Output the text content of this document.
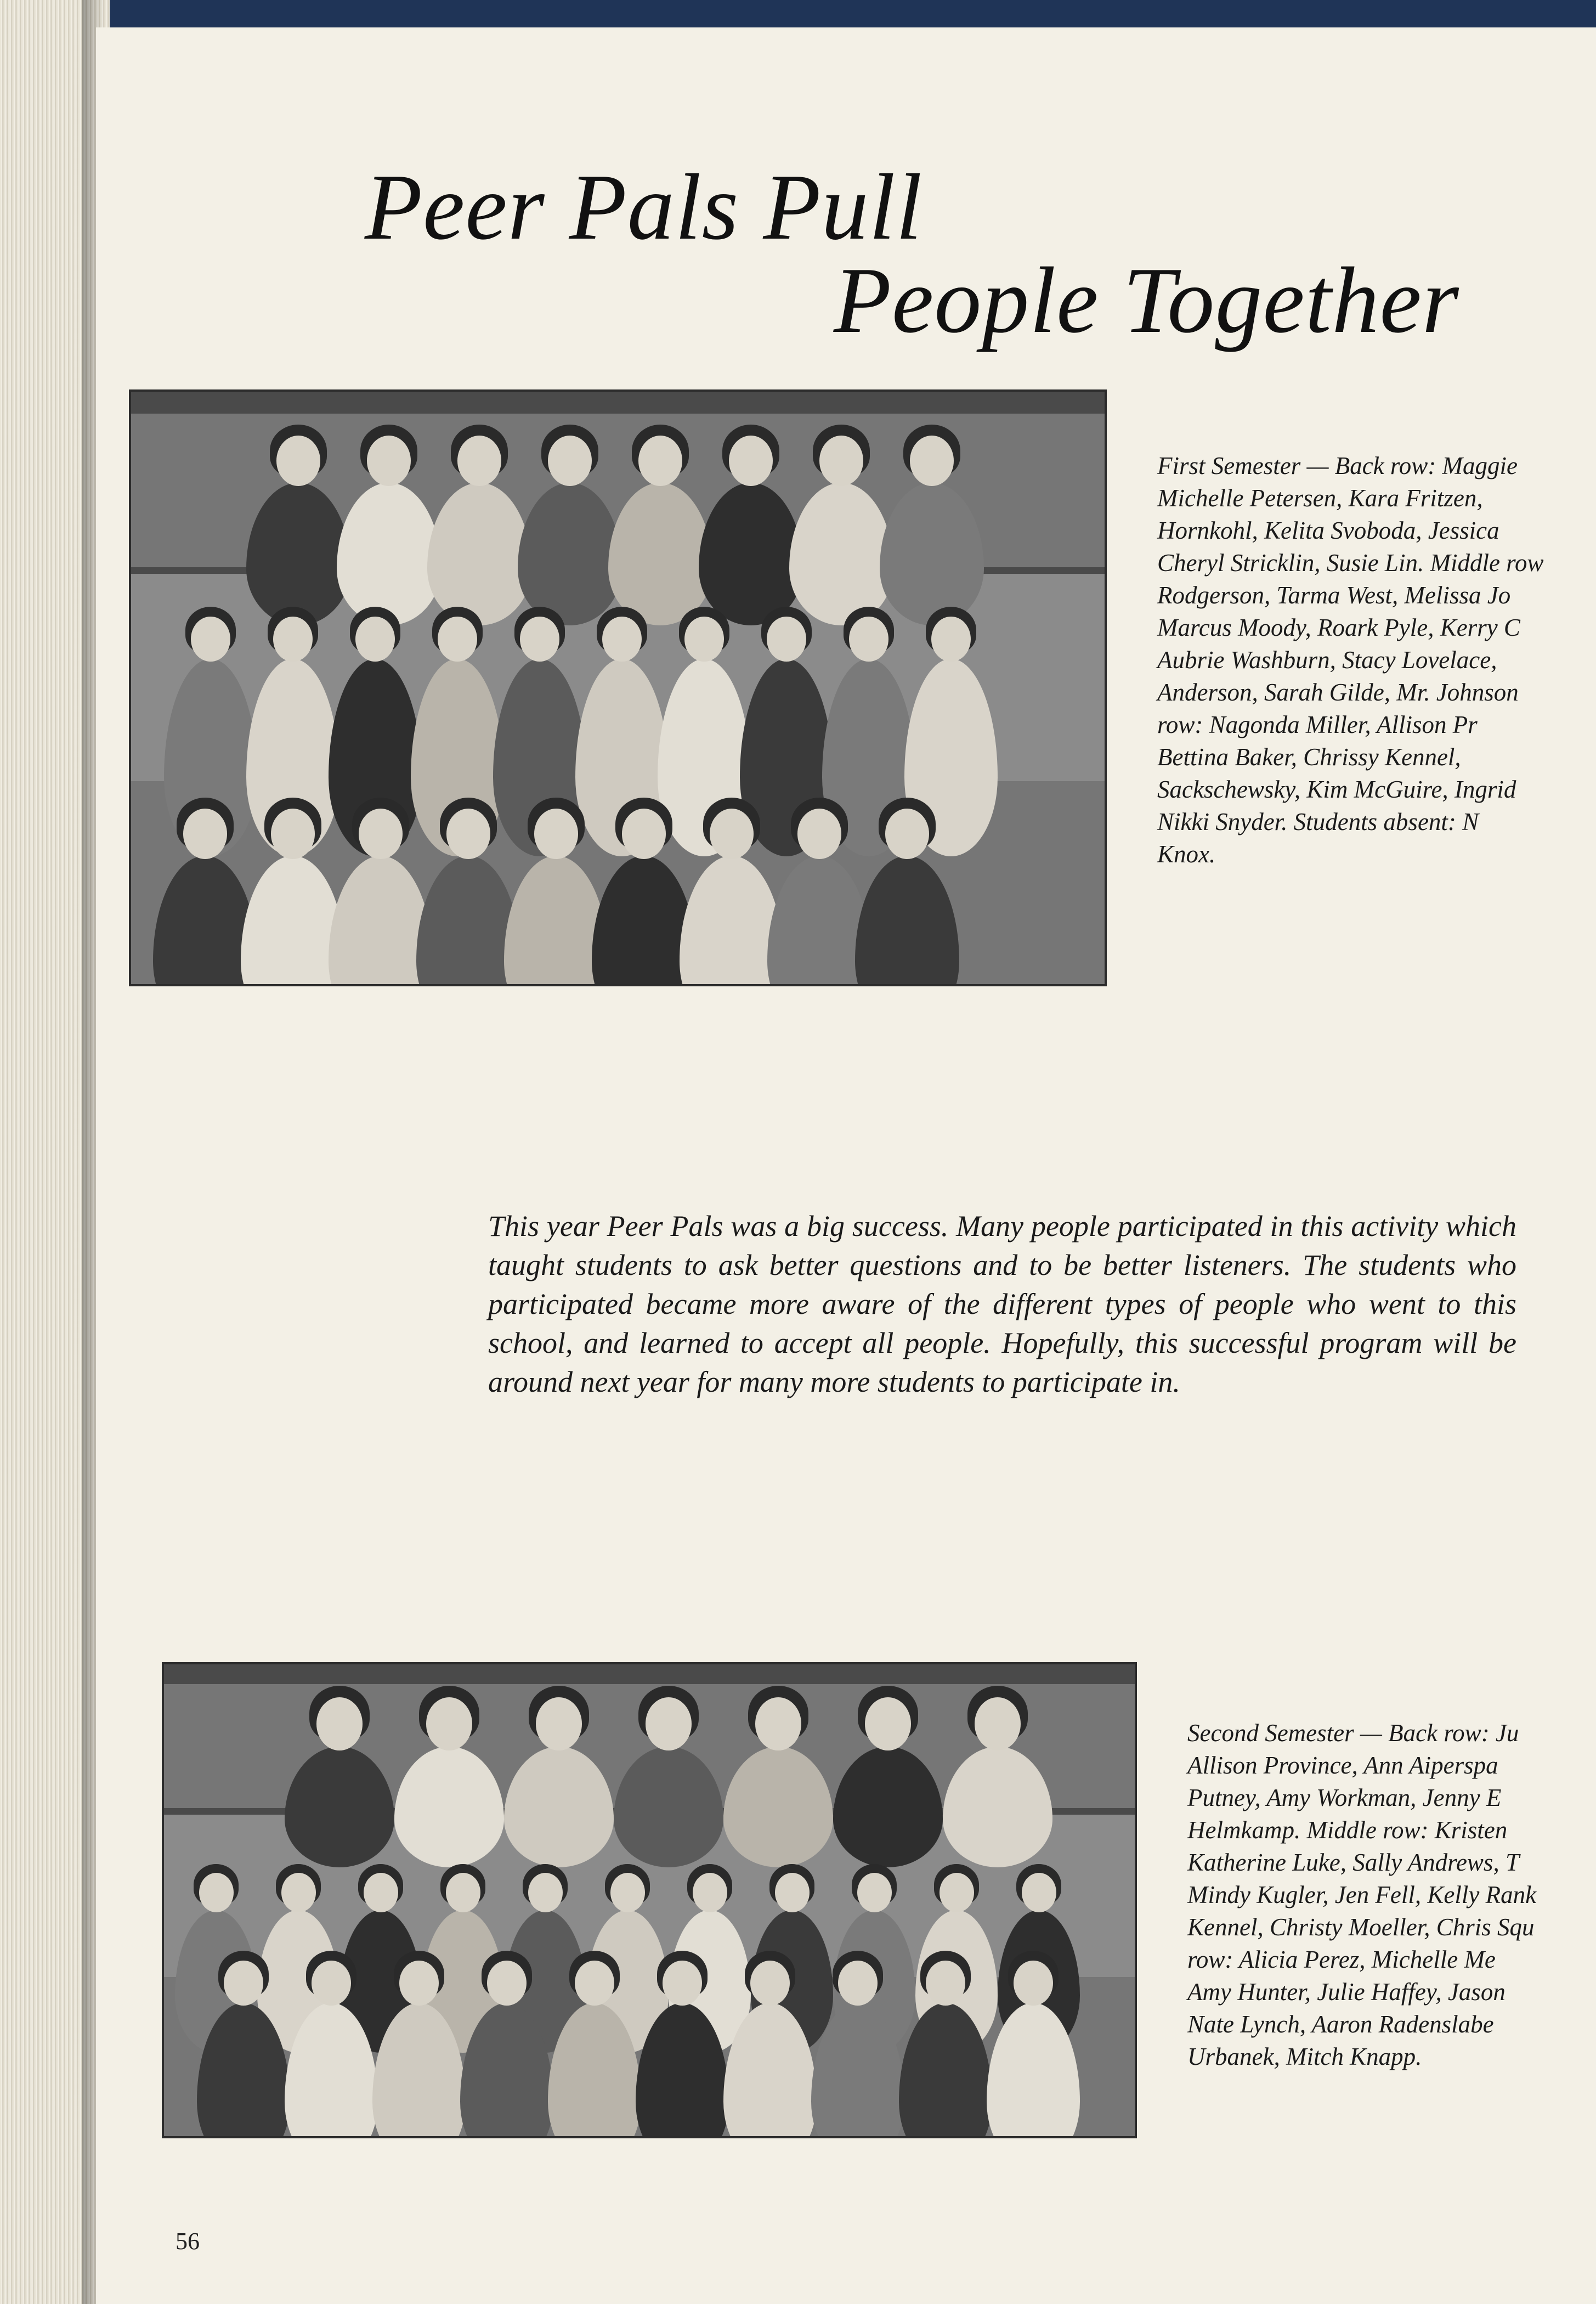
Peer Pals Pull
People Together
First Semester — Back row: Maggie
Michelle Petersen, Kara Fritzen,
Hornkohl, Kelita Svoboda, Jessica
Cheryl Stricklin, Susie Lin. Middle row
Rodgerson, Tarma West, Melissa Jo
Marcus Moody, Roark Pyle, Kerry C
Aubrie Washburn, Stacy Lovelace,
Anderson, Sarah Gilde, Mr. Johnson
row: Nagonda Miller, Allison Pr
Bettina Baker, Chrissy Kennel,
Sackschewsky, Kim McGuire, Ingrid
Nikki Snyder. Students absent: N
Knox.
This year Peer Pals was a big success. Many people participated in this activity which taught students to ask better questions and to be better listeners. The students who participated became more aware of the different types of people who went to this school, and learned to accept all people. Hopefully, this successful program will be around next year for many more students to participate in.
Second Semester — Back row: Ju
Allison Province, Ann Aiperspa
Putney, Amy Workman, Jenny E
Helmkamp. Middle row: Kristen
Katherine Luke, Sally Andrews, T
Mindy Kugler, Jen Fell, Kelly Rank
Kennel, Christy Moeller, Chris Squ
row: Alicia Perez, Michelle Me
Amy Hunter, Julie Haffey, Jason
Nate Lynch, Aaron Radenslabe
Urbanek, Mitch Knapp.
56
